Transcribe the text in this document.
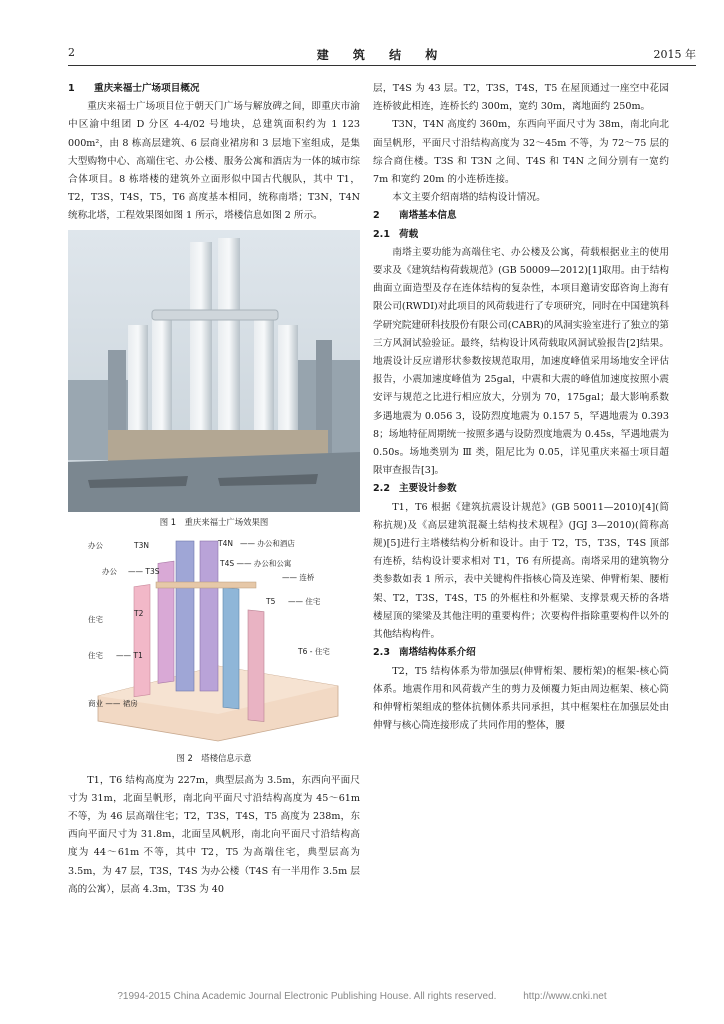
2	建 筑 结 构	2015 年
1 重庆来福士广场项目概况

重庆来福士广场项目位于朝天门广场与解放碑之间，即重庆市渝中区渝中组团 D 分区 4-4/02 号地块，总建筑面积约为 1 123 000m²，由 8 栋高层建筑、6 层商业裙房和 3 层地下室组成，是集大型购物中心、高端住宅、办公楼、服务公寓和酒店为一体的城市综合体项目。8 栋塔楼的建筑外立面形似中国古代舰队，其中 T1，T2，T3S，T4S，T5，T6 高度基本相同，统称南塔；T3N，T4N 统称北塔，工程效果图如图 1 所示，塔楼信息如图 2 所示。

图 1　重庆来福士广场效果图
办公	T3N	T4N —— 办公和酒店
办公 —— T3S
T4S —— 办公和公寓
—— 连桥
T5 —— 住宅
住宅
T2
住宅 —— T1	T6 - 住宅
商业 —— 裙房
图 2　塔楼信息示意

T1，T6 结构高度为 227m，典型层高为 3.5m，东西向平面尺寸为 31m，北面呈帆形，南北向平面尺寸沿结构高度为 45～61m 不等，为 46 层高端住宅；T2，T3S，T4S，T5 高度为 238m，东西向平面尺寸为 31.8m，北面呈风帆形，南北向平面尺寸沿结构高度为 44～61m 不等，其中 T2，T5 为高端住宅，典型层高为 3.5m，为 47 层，T3S，T4S 为办公楼（T4S 有一半用作 3.5m 层高的公寓），层高 4.3m，T3S 为 40

层，T4S 为 43 层。T2，T3S，T4S，T5 在屋顶通过一座空中花园连桥彼此相连，连桥长约 300m，宽约 30m，离地面约 250m。

T3N，T4N 高度约 360m，东西向平面尺寸为 38m，南北向北面呈帆形，平面尺寸沿结构高度为 32～45m 不等，为 72～75 层的综合商住楼。T3S 和 T3N 之间、T4S 和 T4N 之间分别有一宽约 7m 和宽约 20m 的小连桥连接。

本文主要介绍南塔的结构设计情况。

2 南塔基本信息
2.1 荷载

南塔主要功能为高端住宅、办公楼及公寓，荷载根据业主的使用要求及《建筑结构荷载规范》(GB 50009—2012)[1]取用。由于结构曲面立面造型及存在连体结构的复杂性，本项目邀请安邸咨询上海有限公司(RWDI)对此项目的风荷载进行了专项研究，同时在中国建筑科学研究院建研科技股份有限公司(CABR)的风洞实验室进行了独立的第三方风洞试验验证。最终，结构设计风荷载取风洞试验报告[2]结果。地震设计反应谱形状参数按规范取用，加速度峰值采用场地安全评估报告，小震加速度峰值为 25gal，中震和大震的峰值加速度按照小震安评与规范之比进行相应放大，分别为 70，175gal；最大影响系数多遇地震为 0.056 3，设防烈度地震为 0.157 5，罕遇地震为 0.393 8；场地特征周期统一按照多遇与设防烈度地震为 0.45s，罕遇地震为 0.50s。场地类别为 Ⅲ 类，阻尼比为 0.05，详见重庆来福士项目超限审查报告[3]。

2.2 主要设计参数

T1，T6 根据《建筑抗震设计规范》(GB 50011—2010)[4](简称抗规)及《高层建筑混凝土结构技术规程》(JGJ 3—2010)(简称高规)[5]进行主塔楼结构分析和设计。由于 T2，T5，T3S，T4S 顶部有连桥，结构设计要求相对 T1，T6 有所提高。南塔采用的建筑物分类参数如表 1 所示，表中关键构件指核心筒及连梁、伸臂桁架、腰桁架、T2，T3S，T4S，T5 的外框柱和外框梁、支撑景观天桥的各塔楼屋顶的梁梁及其他注明的重要构件；次要构件指除重要构件以外的其他结构构件。

2.3 南塔结构体系介绍

T2，T5 结构体系为带加强层(伸臂桁架、腰桁架)的框架-核心筒体系。地震作用和风荷载产生的剪力及倾覆力矩由周边框架、核心筒和伸臂桁架组成的整体抗侧体系共同承担，其中框架柱在加强层处由伸臂与核心筒连接形成了共同作用的整体，腰

?1994-2015 China Academic Journal Electronic Publishing House. All rights reserved.	http://www.cnki.net
